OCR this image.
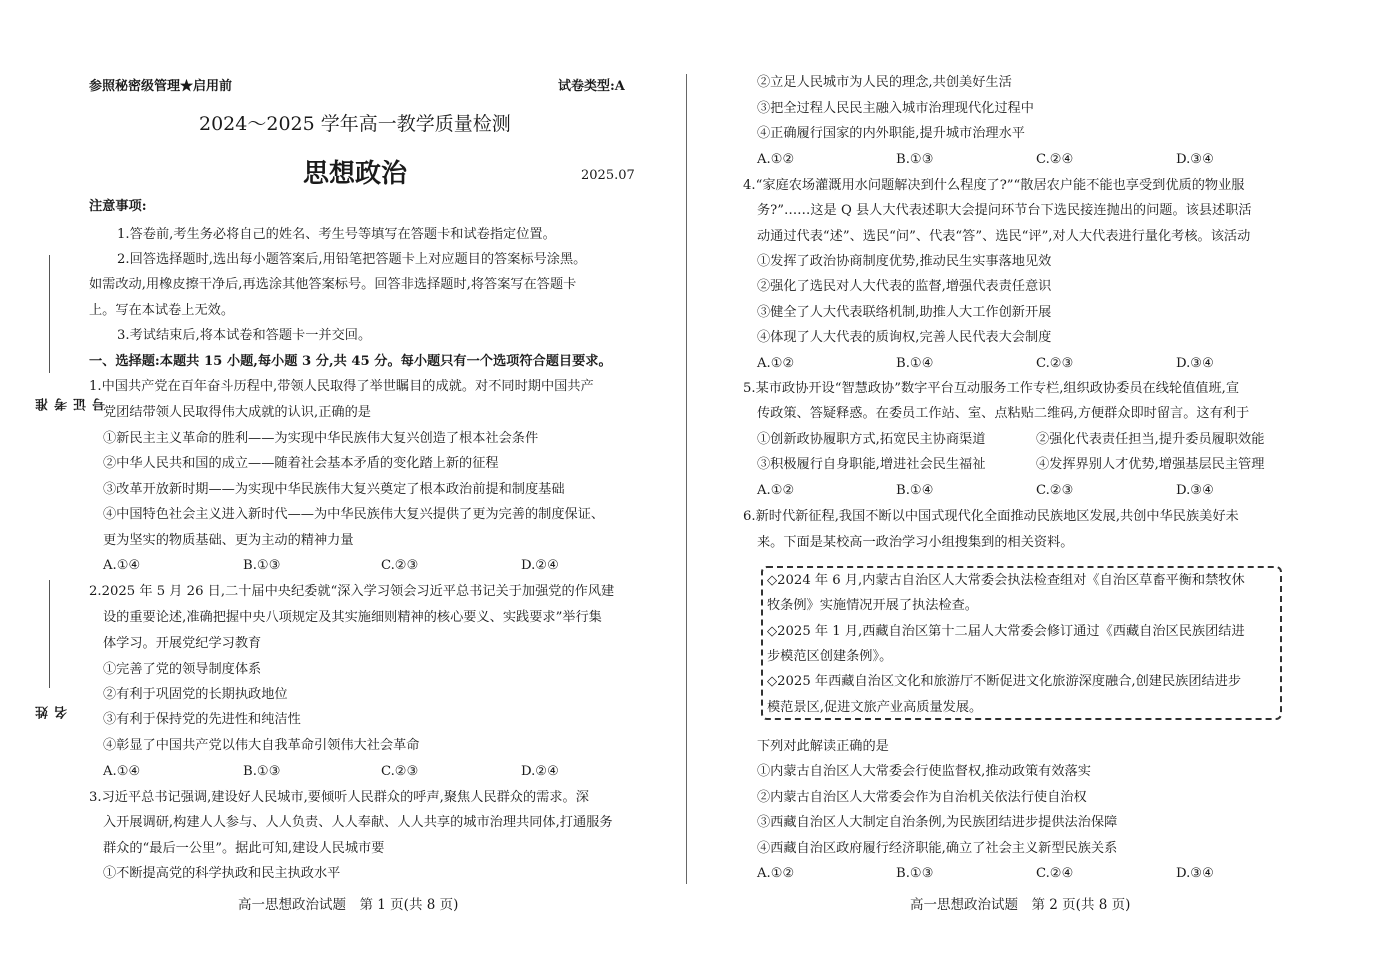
准考证号
姓名
参照秘密级管理★启用前	试卷类型:A
2024～2025 学年高一教学质量检测
思想政治	2025.07
注意事项:
1.答卷前,考生务必将自己的姓名、考生号等填写在答题卡和试卷指定位置。
2.回答选择题时,选出每小题答案后,用铅笔把答题卡上对应题目的答案标号涂黑。
如需改动,用橡皮擦干净后,再选涂其他答案标号。回答非选择题时,将答案写在答题卡
上。写在本试卷上无效。
3.考试结束后,将本试卷和答题卡一并交回。
一、选择题:本题共 15 小题,每小题 3 分,共 45 分。每小题只有一个选项符合题目要求。
1.中国共产党在百年奋斗历程中,带领人民取得了举世瞩目的成就。对不同时期中国共产
党团结带领人民取得伟大成就的认识,正确的是
①新民主主义革命的胜利——为实现中华民族伟大复兴创造了根本社会条件
②中华人民共和国的成立——随着社会基本矛盾的变化踏上新的征程
③改革开放新时期——为实现中华民族伟大复兴奠定了根本政治前提和制度基础
④中国特色社会主义进入新时代——为中华民族伟大复兴提供了更为完善的制度保证、
更为坚实的物质基础、更为主动的精神力量
A.①④	B.①③	C.②③	D.②④
2.2025 年 5 月 26 日,二十届中央纪委就“深入学习领会习近平总书记关于加强党的作风建
设的重要论述,准确把握中央八项规定及其实施细则精神的核心要义、实践要求”举行集
体学习。开展党纪学习教育
①完善了党的领导制度体系
②有利于巩固党的长期执政地位
③有利于保持党的先进性和纯洁性
④彰显了中国共产党以伟大自我革命引领伟大社会革命
A.①④	B.①③	C.②③	D.②④
3.习近平总书记强调,建设好人民城市,要倾听人民群众的呼声,聚焦人民群众的需求。深
入开展调研,构建人人参与、人人负责、人人奉献、人人共享的城市治理共同体,打通服务
群众的“最后一公里”。据此可知,建设人民城市要
①不断提高党的科学执政和民主执政水平
高一思想政治试题　第 1 页(共 8 页)
②立足人民城市为人民的理念,共创美好生活
③把全过程人民民主融入城市治理现代化过程中
④正确履行国家的内外职能,提升城市治理水平
A.①②	B.①③	C.②④	D.③④
4.“家庭农场灌溉用水问题解决到什么程度了?”“散居农户能不能也享受到优质的物业服
务?”……这是 Q 县人大代表述职大会提问环节台下选民接连抛出的问题。该县述职活
动通过代表“述”、选民“问”、代表“答”、选民“评”,对人大代表进行量化考核。该活动
①发挥了政治协商制度优势,推动民生实事落地见效
②强化了选民对人大代表的监督,增强代表责任意识
③健全了人大代表联络机制,助推人大工作创新开展
④体现了人大代表的质询权,完善人民代表大会制度
A.①②	B.①④	C.②③	D.③④
5.某市政协开设“智慧政协”数字平台互动服务工作专栏,组织政协委员在线轮值值班,宣
传政策、答疑释惑。在委员工作站、室、点粘贴二维码,方便群众即时留言。这有利于
①创新政协履职方式,拓宽民主协商渠道	②强化代表责任担当,提升委员履职效能
③积极履行自身职能,增进社会民生福祉	④发挥界别人才优势,增强基层民主管理
A.①②	B.①④	C.②③	D.③④
6.新时代新征程,我国不断以中国式现代化全面推动民族地区发展,共创中华民族美好未
来。下面是某校高一政治学习小组搜集到的相关资料。
◇2024 年 6 月,内蒙古自治区人大常委会执法检查组对《自治区草畜平衡和禁牧休
牧条例》实施情况开展了执法检查。
◇2025 年 1 月,西藏自治区第十二届人大常委会修订通过《西藏自治区民族团结进
步模范区创建条例》。
◇2025 年西藏自治区文化和旅游厅不断促进文化旅游深度融合,创建民族团结进步
模范景区,促进文旅产业高质量发展。
下列对此解读正确的是
①内蒙古自治区人大常委会行使监督权,推动政策有效落实
②内蒙古自治区人大常委会作为自治机关依法行使自治权
③西藏自治区人大制定自治条例,为民族团结进步提供法治保障
④西藏自治区政府履行经济职能,确立了社会主义新型民族关系
A.①②	B.①③	C.②④	D.③④
高一思想政治试题　第 2 页(共 8 页)
